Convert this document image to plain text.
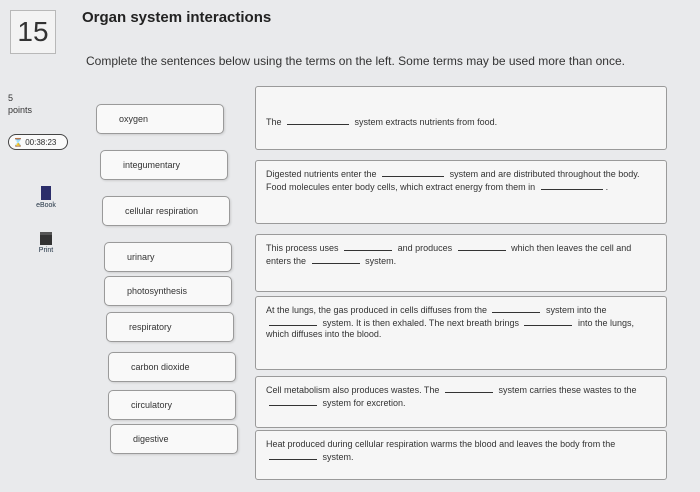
15	Organ system interactions
Complete the sentences below using the terms on the left. Some terms may be used more than once.
5
points
⌛ 00:38:23
eBook
Print
oxygen
integumentary
cellular respiration
urinary
photosynthesis
respiratory
carbon dioxide
circulatory
digestive
The	system extracts nutrients from food.
Digested nutrients enter the	system and are distributed throughout the body. Food molecules enter body cells, which extract energy from them in	.
This process uses	and produces	which then leaves the cell and enters the	system.
At the lungs, the gas produced in cells diffuses from the	system into the  system. It is then exhaled. The next breath brings	into the lungs, which diffuses into the blood.
Cell metabolism also produces wastes. The	system carries these wastes to the  system for excretion.
Heat produced during cellular respiration warms the blood and leaves the body from the  system.
